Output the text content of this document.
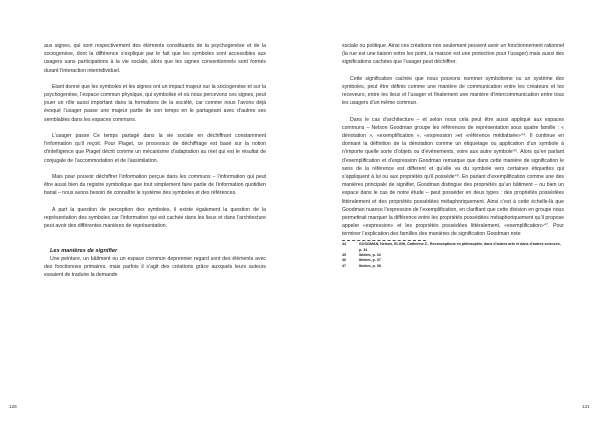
aux signes, qui sont respectivement des éléments constituants de la psychogenèse et de la sociogenèse, dont la différence s’explique par le fait que les symboles sont accessibles aux usagers sans participations à la vie sociale, alors que les signes conventionnels sont formés durant l’interaction interindividuel.

Etant donné que les symboles et les signes ont un impact majeur sur la sociogenèse et sur la psychogenèse, l’espace commun physique, qui symbolise et où nous percevons ces signes, peut jouer un rôle aussi important dans la formations de la société, car comme nous l’avons déjà évoqué l’usager passe une majeur partie de son temps en le partageant avec d’autres ses semblables dans les espaces communs.

L’usager passe Ce temps partagé dans la vie sociale en déchiffrant constamment l’information qu’il reçoit. Pour Piaget, ce processus de déchiffrage est basé sur la notion d’intelligence que Piaget décrit comme un mécanisme d’adaptation au réel qui est le résultat de conjugale de l’accommodation et de l’assimilation.

Mais pour pouvoir déchiffrer l’information perçue dans les communs – l’information qui peut être aussi bien du registre symbolique que tout simplement faire partie de l’information quotidien banal – nous avons besoin de connaître le système des symboles et des références.

A part la question de perception des symboles, il existe également la question de la représentation des symboles car l’information qui est cachée dans les lieux et dans l’architecture peut avoir des différentes manières de représentation.

Les manières de signifier

Une peinture, un bâtiment ou un espace commun deprennier regard sont des éléments avec des fonctionnes primaires, mais parfois il s’agit des créations grâce auxquels leurs auteurs essaient de traduire la demande

sociale ou politique. Ainsi ces créations non seulement peuvent avoir un fonctionnement rationnel (la rue est une liaison entre les point, la maison est une protection pour l’usager) mais aussi des significations cachées que l’usager peut déchiffrer.

Cette signification cachée que nous pouvons nommer symbolisme ou un système des symboles, peut être définis comme une manière de communication entre les créateurs et les receveurs, entre les lieux et l’usager et finalement une manière d’intercommunication entre tous les usagers d’un même commun.

Dans le cas d’architecture – et selon nous cela peut être aussi appliqué aux espaces communs – Nelson Goodman groupe les références de représentation sous quatre famille : « dénotation », «exemplification », «expression »et «référence médiatisée»⁴⁴. Il continue en donnant la définition de la dénotation comme un étiquetage ou application d’un symbole à n’importe quelle sorte d’objets ou d’événements, voire aux autre symbole⁴⁵. Alors qu’en parlant d’exemplification et d’expression Goodman remarque que dans cette manière de signification le sens de la référence est different et qu’elle va du symbole vers certaines étiquettes qui s’appliquent à lui ou aux propriétés qu’il possède⁴⁶. En parlant d’exemplification comme une des manières principale de signifier, Goodman distingue des propriétés qu’un bâtiment – ou bien un espace dans le cas de notre étude – peut posséder en deux types : des propriétés possédées littéralement et des propriétés possédées métaphoriquement. Ainsi c’est à cette échelle-là que Goodman nuance l’expression de l’exemplification, en clarifiant que cette division en groupe nous permettrait marquer la différence entre les propriétés possédées métaphoriquement qu’il propose appeler «expression» et les propriétés possédées littéralement, «exemplification»⁴⁷. Pour terminer l’explication des familles des manières de signification Goodman note

44	GOODMAN, Nelson, ELGIN, Catherine Z., Reconceptions en philosophie, dans d’autres arts et dans d’autres sciences, p. 34
45	Ibidem, p. 34
46	Ibidem, p. 37
47	Ibidem, p. 38
128	131
